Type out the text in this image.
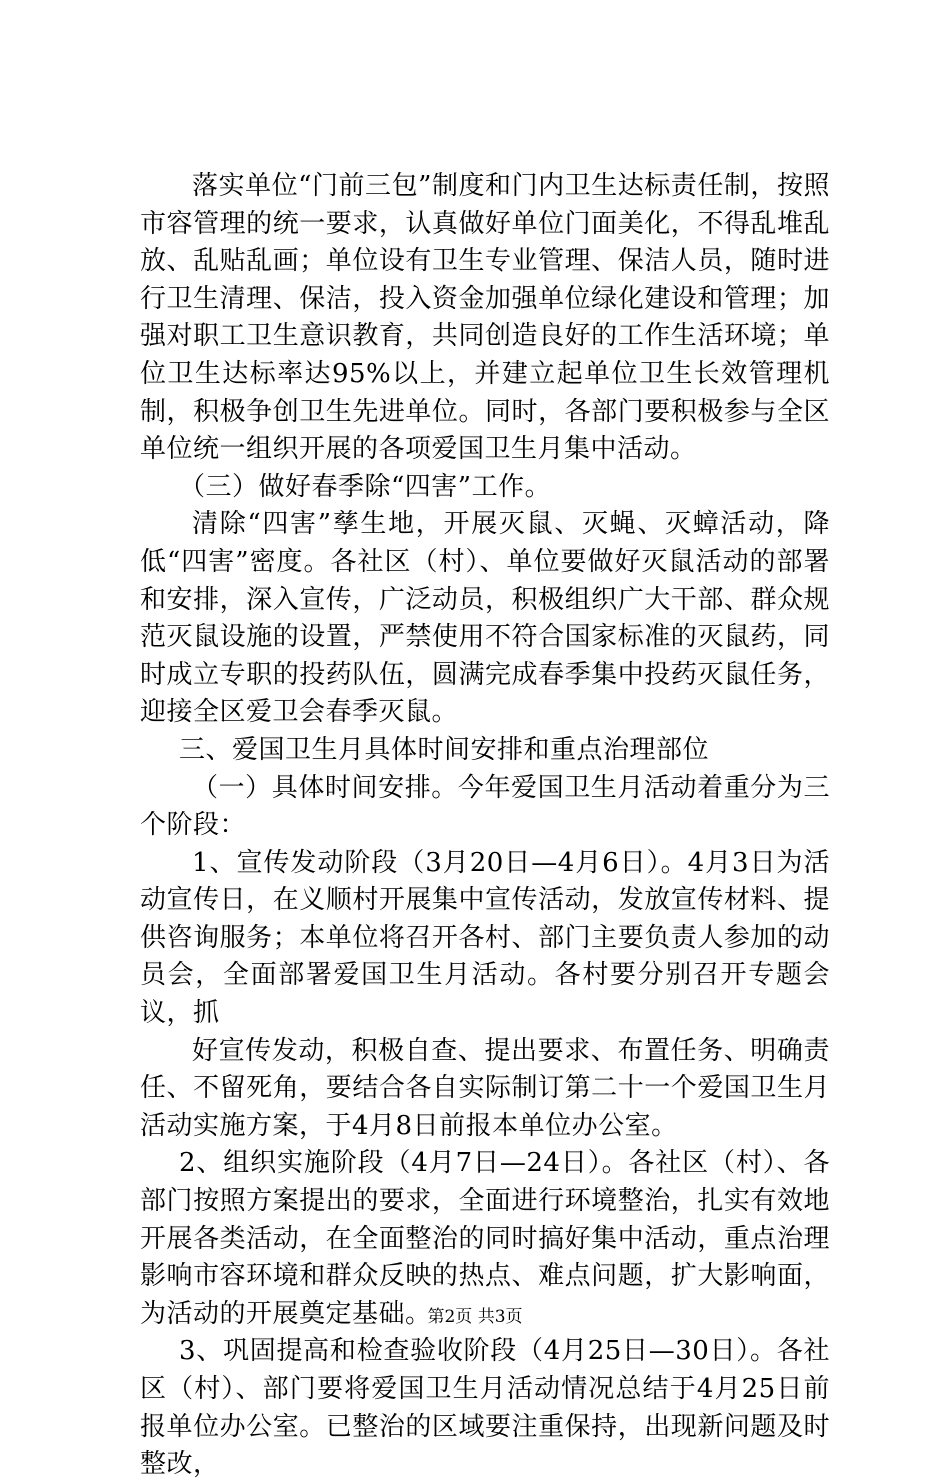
落实单位“门前三包”制度和门内卫生达标责任制，按照市容管理的统一要求，认真做好单位门面美化，不得乱堆乱放、乱贴乱画；单位设有卫生专业管理、保洁人员，随时进行卫生清理、保洁，投入资金加强单位绿化建设和管理；加强对职工卫生意识教育，共同创造良好的工作生活环境；单位卫生达标率达95%以上，并建立起单位卫生长效管理机制，积极争创卫生先进单位。同时，各部门要积极参与全区单位统一组织开展的各项爱国卫生月集中活动。

（三）做好春季除“四害”工作。

清除“四害”孳生地，开展灭鼠、灭蝇、灭蟑活动，降低“四害”密度。各社区（村）、单位要做好灭鼠活动的部署和安排，深入宣传，广泛动员，积极组织广大干部、群众规范灭鼠设施的设置，严禁使用不符合国家标准的灭鼠药，同时成立专职的投药队伍，圆满完成春季集中投药灭鼠任务，迎接全区爱卫会春季灭鼠。

三、爱国卫生月具体时间安排和重点治理部位

（一）具体时间安排。今年爱国卫生月活动着重分为三个阶段：

1、宣传发动阶段（3月20日—4月6日）。4月3日为活动宣传日，在义顺村开展集中宣传活动，发放宣传材料、提供咨询服务；本单位将召开各村、部门主要负责人参加的动员会，全面部署爱国卫生月活动。各村要分别召开专题会议，抓

好宣传发动，积极自查、提出要求、布置任务、明确责任、不留死角，要结合各自实际制订第二十一个爱国卫生月活动实施方案，于4月8日前报本单位办公室。

2、组织实施阶段（4月7日—24日）。各社区（村）、各部门按照方案提出的要求，全面进行环境整治，扎实有效地开展各类活动，在全面整治的同时搞好集中活动，重点治理影响市容环境和群众反映的热点、难点问题，扩大影响面，为活动的开展奠定基础。

3、巩固提高和检查验收阶段（4月25日—30日）。各社区（村）、部门要将爱国卫生月活动情况总结于4月25日前报单位办公室。已整治的区域要注重保持，出现新问题及时整改，

第2页 共3页
